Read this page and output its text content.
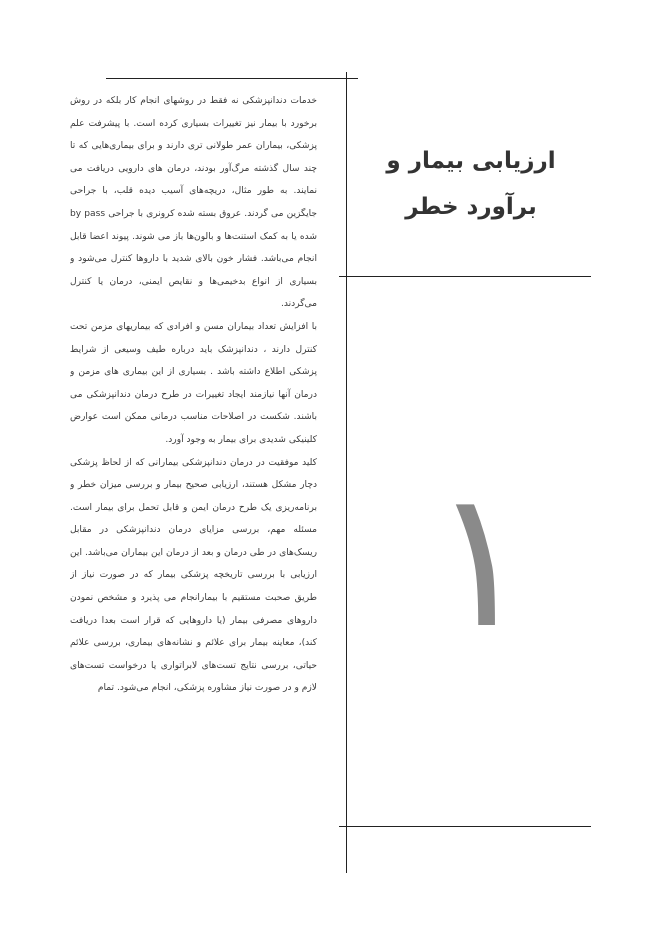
ارزیابی بیمار و
برآورد خطر
۱

خدمات دندانپزشکی نه فقط در روشهای انجام کار بلکه در روش برخورد با بیمار نیز تغییرات بسیاری کرده است. با پیشرفت علم پزشکی، بیماران عمر طولانی تری دارند و برای بیماری‌هایی که تا چند سال گذشته مرگ‌آور بودند، درمان های دارویی دریافت می نمایند. به طور مثال، دریچه‌های آسیب دیده قلب، با جراحی جایگزین می گردند. عروق بسته شده کرونری با جراحی by pass شده یا به کمک استنت‌ها و بالون‌ها باز می شوند. پیوند اعضا قابل انجام می‌باشد. فشار خون بالای شدید با داروها کنترل می‌شود و بسیاری از انواع بدخیمی‌ها و نقایص ایمنی، درمان یا کنترل می‌گردند.

با افزایش تعداد بیماران مسن و افرادی که بیماریهای مزمن تحت کنترل دارند ، دندانپزشک باید درباره طیف وسیعی از شرایط پزشکی اطلاع داشته باشد . بسیاری از این بیماری های مزمن و درمان آنها نیازمند ایجاد تغییرات در طرح درمان دندانپزشکی می باشند. شکست در اصلاحات مناسب درمانی ممکن است عوارض کلینیکی شدیدی برای بیمار به وجود آورد.

کلید موفقیت در درمان دندانپزشکی بیمارانی که از لحاظ پزشکی دچار مشکل هستند، ارزیابی صحیح بیمار و بررسی میزان خطر و برنامه‌ریزی یک طرح درمان ایمن و قابل تحمل برای بیمار است. مسئله مهم، بررسی مزایای درمان دندانپزشکی در مقابل ریسک‌های در طی درمان و بعد از درمان این بیماران می‌باشد. این ارزیابی با بررسی تاریخچه پزشکی بیمار که در صورت نیاز از طریق صحبت مستقیم با بیمارانجام می پذیرد و مشخص نمودن داروهای مصرفی بیمار (یا داروهایی که قرار است بعدا دریافت کند)، معاینه بیمار برای علائم و نشانه‌های بیماری، بررسی علائم حیاتی، بررسی نتایج تست‌های لابراتواری یا درخواست تست‌های لازم و در صورت نیاز مشاوره پزشکی، انجام می‌شود. تمام
